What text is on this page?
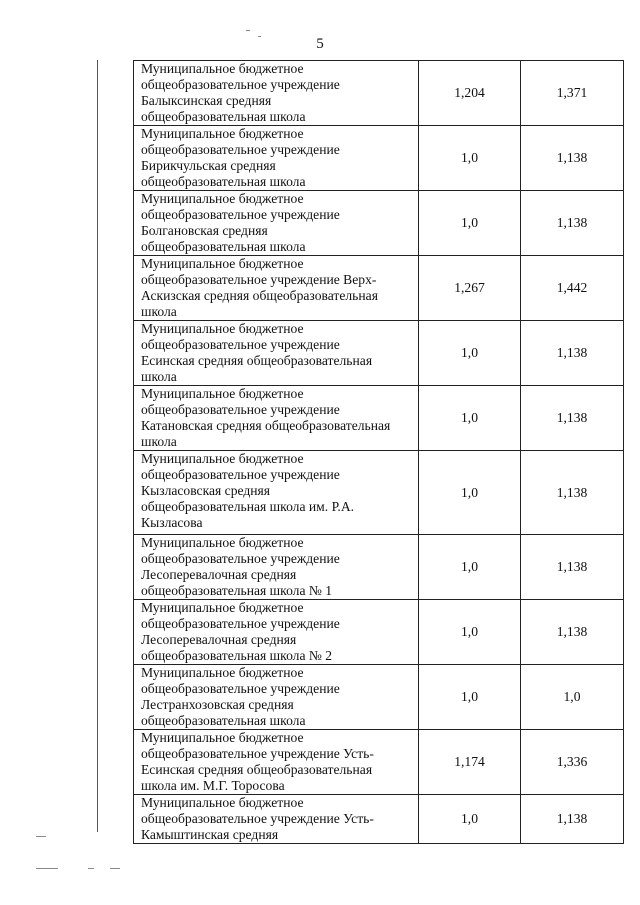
5
Муниципальное бюджетное
общеобразовательное учреждение
Балыксинская средняя
общеобразовательная школа	1,204	1,371

Муниципальное бюджетное
общеобразовательное учреждение
Бирикчульская средняя
общеобразовательная школа	1,0	1,138

Муниципальное бюджетное
общеобразовательное учреждение
Болгановская средняя
общеобразовательная школа	1,0	1,138

Муниципальное бюджетное
общеобразовательное учреждение Верх-
Аскизская средняя общеобразовательная
школа	1,267	1,442

Муниципальное бюджетное
общеобразовательное учреждение
Есинская средняя общеобразовательная
школа	1,0	1,138

Муниципальное бюджетное
общеобразовательное учреждение
Катановская средняя общеобразовательная
школа	1,0	1,138

Муниципальное бюджетное
общеобразовательное учреждение
Кызласовская средняя
общеобразовательная школа им. Р.А.
Кызласова	1,0	1,138

Муниципальное бюджетное
общеобразовательное учреждение
Лесоперевалочная средняя
общеобразовательная школа № 1	1,0	1,138

Муниципальное бюджетное
общеобразовательное учреждение
Лесоперевалочная средняя
общеобразовательная школа № 2	1,0	1,138

Муниципальное бюджетное
общеобразовательное учреждение
Лестранхозовская средняя
общеобразовательная школа	1,0	1,0

Муниципальное бюджетное
общеобразовательное учреждение Усть-
Есинская средняя общеобразовательная
школа им. М.Г. Торосова	1,174	1,336

Муниципальное бюджетное
общеобразовательное учреждение Усть-
Камыштинская средняя	1,0	1,138
